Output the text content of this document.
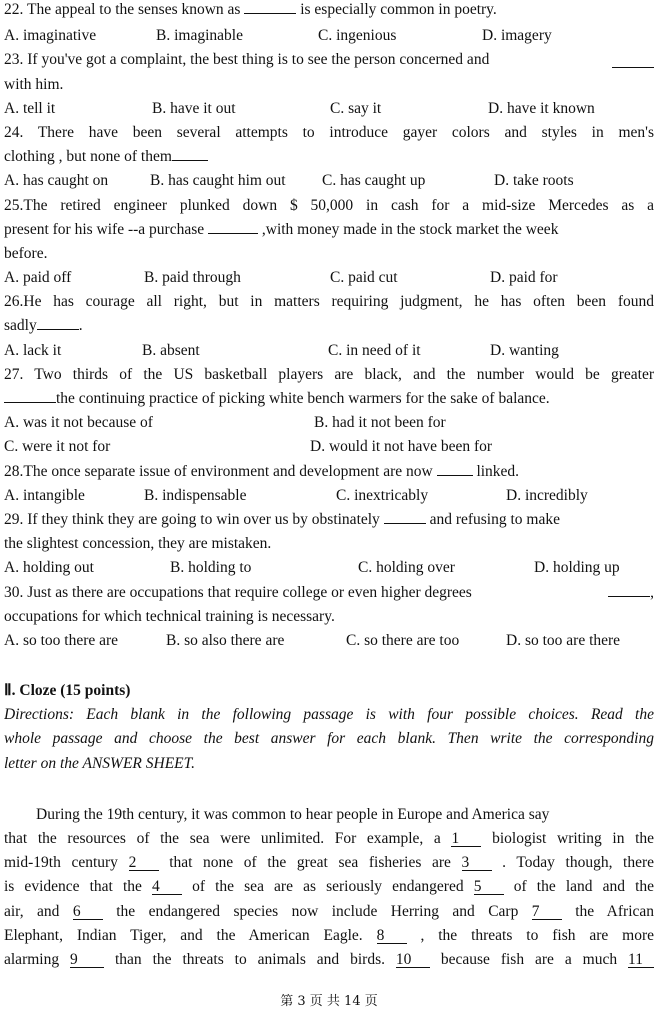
22. The appeal to the senses known as	is especially common in poetry.
A. imaginative	B. imaginable	C. ingenious	D. imagery
23. If you've got a complaint, the best thing is to see the person concerned and
with him.
A. tell it	B. have it out	C. say it	D. have it known
24. There have been several attempts to introduce gayer colors and styles in men's
clothing , but none of them
A. has caught on	B. has caught him out C. has caught up	D. take roots
25.The retired engineer plunked down $ 50,000 in cash for a mid-size Mercedes as a
present for his wife --a purchase	,with money made in the stock market the week
before.
A. paid off	B. paid through	C. paid cut	D. paid for
26.He has courage all right, but in matters requiring judgment, he has often been found
sadly	.
A. lack it	B. absent	C. in need of it	D. wanting
27. Two thirds of the US basketball players are black, and the number would be greater
the continuing practice of picking white bench warmers for the sake of balance.
A. was it not because of	B. had it not been for
C. were it not for	D. would it not have been for
28.The once separate issue of environment and development are now	linked.
A. intangible	B. indispensable	C. inextricably	D. incredibly
29. If they think they are going to win over us by obstinately	and refusing to make
the slightest concession, they are mistaken.
A. holding out	B. holding to	C. holding over	D. holding up
30. Just as there are occupations that require college or even higher degrees	,
occupations for which technical training is necessary.
A. so too there are	B. so also there are	C. so there are too	D. so too are there
Ⅱ. Cloze (15 points)
Directions: Each blank in the following passage is with four possible choices. Read the
whole passage and choose the best answer for each blank. Then write the corresponding
letter on the ANSWER SHEET.
During the 19th century, it was common to hear people in Europe and America say
that the resources of the sea were unlimited. For example, a 1 biologist writing in the
mid-19th century 2 that none of the great sea fisheries are 3 . Today though, there
is evidence that the 4 of the sea are as seriously endangered 5 of the land and the
air, and 6 the endangered species now include Herring and Carp 7 the African
Elephant, Indian Tiger, and the American Eagle. 8 , the threats to fish are more
alarming 9 than the threats to animals and birds. 10 because fish are a much 11
第 3 页 共 14 页
